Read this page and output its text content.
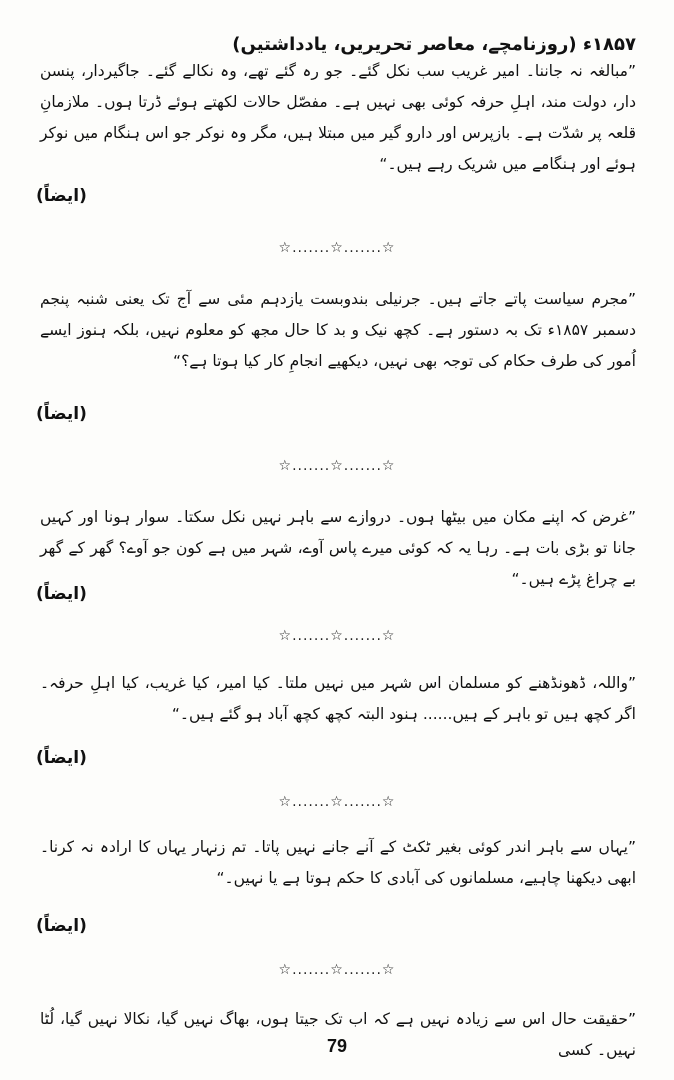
۱۸۵۷ء (روزنامچے، معاصر تحریریں، یادداشتیں)

”مبالغہ نہ جاننا۔ امیر غریب سب نکل گئے۔ جو رہ گئے تھے، وہ نکالے گئے۔ جاگیردار، پنسن دار، دولت مند، اہلِ حرفہ کوئی بھی نہیں ہے۔ مفصّل حالات لکھتے ہوئے ڈرتا ہوں۔ ملازمانِ قلعہ پر شدّت ہے۔ بازپرس اور دارو گیر میں مبتلا ہیں، مگر وہ نوکر جو اس ہنگام میں نوکر ہوئے اور ہنگامے میں شریک رہے ہیں۔“

(ایضاً)
☆.......☆.......☆

”مجرم سیاست پاتے جاتے ہیں۔ جرنیلی بندوبست یازدہم مئی سے آج تک یعنی شنبہ پنجم دسمبر ۱۸۵۷ء تک بہ دستور ہے۔ کچھ نیک و بد کا حال مجھ کو معلوم نہیں، بلکہ ہنوز ایسے اُمور کی طرف حکام کی توجہ بھی نہیں، دیکھیے انجامِ کار کیا ہوتا ہے؟“

(ایضاً)
☆.......☆.......☆

”غرض کہ اپنے مکان میں بیٹھا ہوں۔ دروازے سے باہر نہیں نکل سکتا۔ سوار ہونا اور کہیں جانا تو بڑی بات ہے۔ رہا یہ کہ کوئی میرے پاس آوے، شہر میں ہے کون جو آوے؟ گھر کے گھر بے چراغ پڑے ہیں۔“

(ایضاً)
☆.......☆.......☆

”واللہ، ڈھونڈھنے کو مسلمان اس شہر میں نہیں ملتا۔ کیا امیر، کیا غریب، کیا اہلِ حرفہ۔ اگر کچھ ہیں تو باہر کے ہیں...... ہنود البتہ کچھ کچھ آباد ہو گئے ہیں۔“

(ایضاً)
☆.......☆.......☆

”یہاں سے باہر اندر کوئی بغیر ٹکٹ کے آنے جانے نہیں پاتا۔ تم زنہار یہاں کا ارادہ نہ کرنا۔ ابھی دیکھنا چاہیے، مسلمانوں کی آبادی کا حکم ہوتا ہے یا نہیں۔“

(ایضاً)
☆.......☆.......☆

”حقیقت حال اس سے زیادہ نہیں ہے کہ اب تک جیتا ہوں، بھاگ نہیں گیا، نکالا نہیں گیا، لُٹا نہیں۔ کسی

79
